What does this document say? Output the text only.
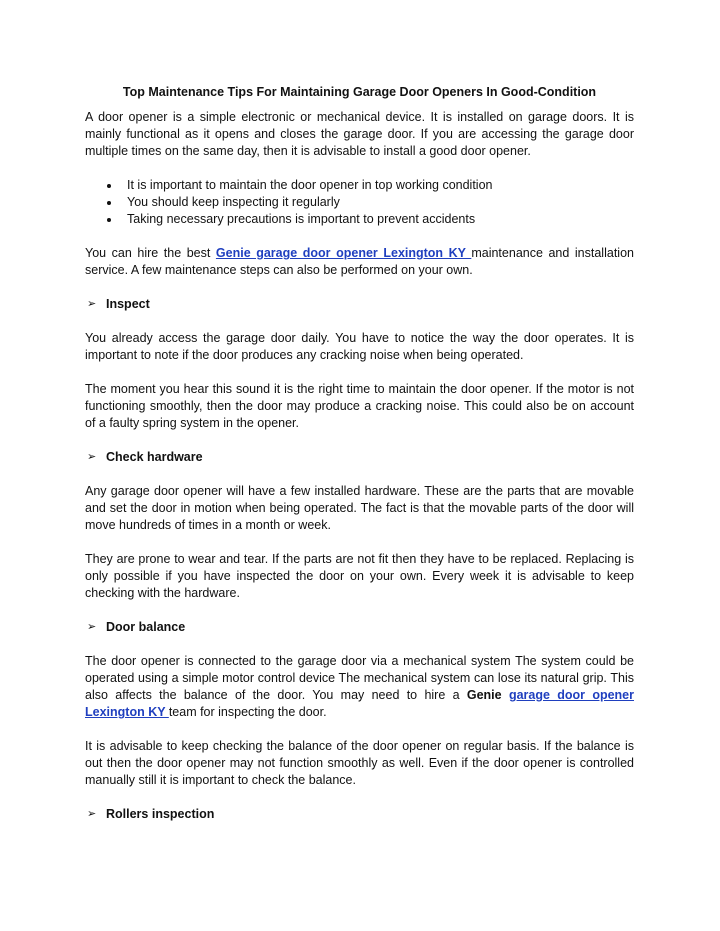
Top Maintenance Tips For Maintaining Garage Door Openers In Good-Condition

A door opener is a simple electronic or mechanical device. It is installed on garage doors. It is mainly functional as it opens and closes the garage door. If you are accessing the garage door multiple times on the same day, then it is advisable to install a good door opener.

It is important to maintain the door opener in top working condition
You should keep inspecting it regularly
Taking necessary precautions is important to prevent accidents

You can hire the best Genie garage door opener Lexington KY maintenance and installation service. A few maintenance steps can also be performed on your own.

➢ Inspect

You already access the garage door daily. You have to notice the way the door operates. It is important to note if the door produces any cracking noise when being operated.

The moment you hear this sound it is the right time to maintain the door opener. If the motor is not functioning smoothly, then the door may produce a cracking noise. This could also be on account of a faulty spring system in the opener.

➢ Check hardware

Any garage door opener will have a few installed hardware. These are the parts that are movable and set the door in motion when being operated. The fact is that the movable parts of the door will move hundreds of times in a month or week.

They are prone to wear and tear. If the parts are not fit then they have to be replaced. Replacing is only possible if you have inspected the door on your own. Every week it is advisable to keep checking with the hardware.

➢ Door balance

The door opener is connected to the garage door via a mechanical system The system could be operated using a simple motor control device The mechanical system can lose its natural grip. This also affects the balance of the door. You may need to hire a Genie garage door opener Lexington KY team for inspecting the door.

It is advisable to keep checking the balance of the door opener on regular basis. If the balance is out then the door opener may not function smoothly as well. Even if the door opener is controlled manually still it is important to check the balance.

➢ Rollers inspection
